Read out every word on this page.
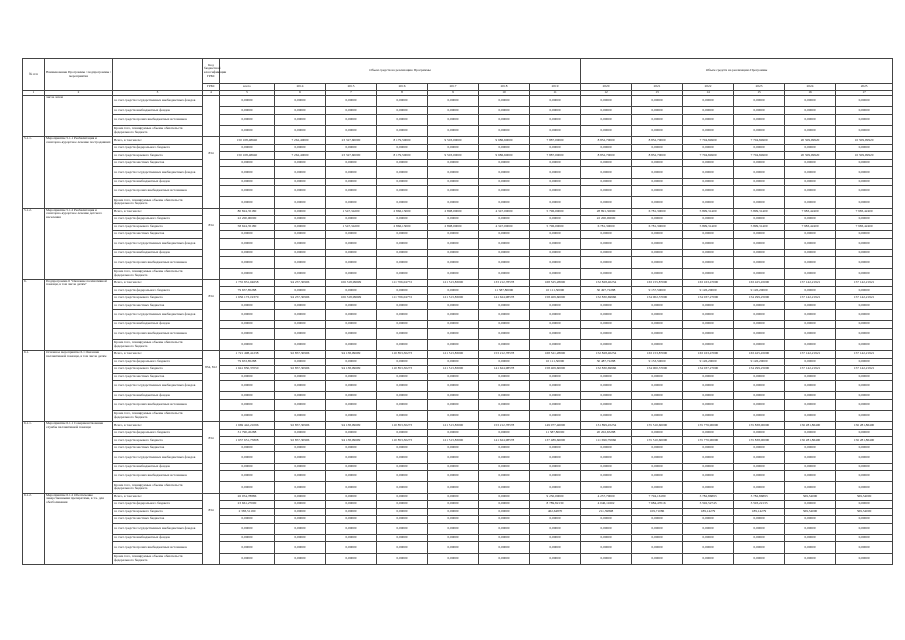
№ п/п	Наименование Программы / подпрограммы / мероприятия		Код бюджетной классификации ГРБС	Объем средств на реализацию Программы							Объем средств на реализацию Программы					
			ГРБС	всего	2014	2015	2016	2017	2018	2019	2020	2021	2022	2023	2024	2025
1	2	3	4	5	6	7	8	9	10	11	12	13	14	15	16	17
	числе затем	за счет средств государственных внебюджетных фондов		0,00000	0,00000	0,00000	0,00000	0,00000	0,00000	0,00000	0,00000	0,00000	0,00000	0,00000	0,00000	0,00000
		за счет средств внебюджетных фондов		0,00000	0,00000	0,00000	0,00000	0,00000	0,00000	0,00000	0,00000	0,00000	0,00000	0,00000	0,00000	0,00000
		за счет средств прочих внебюджетных источников		0,00000	0,00000	0,00000	0,00000	0,00000	0,00000	0,00000	0,00000	0,00000	0,00000	0,00000	0,00000	0,00000
		Кроме того, планируемые объемы обязательств федерального бюджета		0,00000	0,00000	0,00000	0,00000	0,00000	0,00000	0,00000	0,00000	0,00000	0,00000	0,00000	0,00000	0,00000
5.1.1.	Мероприятие 5.1.1 Реабилитация и санаторно-курортное лечение пострадавших	Всего, в том числе:	834	150 108,48640	7 262,40000	23 327,60000	8 179,50000	9 503,00000	9 986,60000	7 887,00000	8 852,70000	8 852,70000	7 704,84900	7 704,84900	20 509,99920	10 509,99920
		за счет средств федерального бюджета		0,00000	0,00000	0,00000	0,00000	0,00000	0,00000	0,00000	0,00000	0,00000	0,00000	0,00000	0,00000	0,00000
		за счет средств краевого бюджета		150 108,48640	7 262,40000	23 327,60000	8 179,50000	9 503,00000	9 986,60000	7 887,00000	8 852,70000	8 852,70000	7 704,84900	7 704,84900	20 509,99920	10 509,99920
		за счет средств местных бюджетов		0,00000	0,00000	0,00000	0,00000	0,00000	0,00000	0,00000	0,00000	0,00000	0,00000	0,00000	0,00000	0,00000
		за счет средств государственных внебюджетных фондов		0,00000	0,00000	0,00000	0,00000	0,00000	0,00000	0,00000	0,00000	0,00000	0,00000	0,00000	0,00000	0,00000
		за счет средств внебюджетных фондов		0,00000	0,00000	0,00000	0,00000	0,00000	0,00000	0,00000	0,00000	0,00000	0,00000	0,00000	0,00000	0,00000
		за счет средств прочих внебюджетных источников		0,00000	0,00000	0,00000	0,00000	0,00000	0,00000	0,00000	0,00000	0,00000	0,00000	0,00000	0,00000	0,00000
		Кроме того, планируемые объемы обязательств федерального бюджета		0,00000	0,00000	0,00000	0,00000	0,00000	0,00000	0,00000	0,00000	0,00000	0,00000	0,00000	0,00000	0,00000
5.1.2.	Мероприятие 5.1.2 Реабилитация и санаторно-курортное лечение детского населения	Всего, в том числе:	834	80 824,35180	0,00000	1 547,34200	2 866,13000	2 898,00000	4 347,00000	5 796,00000	28 891,30000	6 781,30000	5 899,31400	5 899,31400	7 983,42400	7 983,42400
		за счет средств федерального бюджета		22 200,00000	0,00000	0,00000	0,00000	0,00000	0,00000	0,00000	22 200,00000	0,00000	0,00000	0,00000	0,00000	0,00000
		за счет средств краевого бюджета		58 624,35180	0,00000	1 547,34200	2 866,13000	2 898,00000	4 347,00000	5 796,00000	6 781,30000	6 781,30000	5 899,31400	5 899,31400	7 983,42400	7 983,42400
		за счет средств местных бюджетов		0,00000	0,00000	0,00000	0,00000	0,00000	0,00000	0,00000	0,00000	0,00000	0,00000	0,00000	0,00000	0,00000
		за счет средств государственных внебюджетных фондов		0,00000	0,00000	0,00000	0,00000	0,00000	0,00000	0,00000	0,00000	0,00000	0,00000	0,00000	0,00000	0,00000
		за счет средств внебюджетных фондов		0,00000	0,00000	0,00000	0,00000	0,00000	0,00000	0,00000	0,00000	0,00000	0,00000	0,00000	0,00000	0,00000
		за счет средств прочих внебюджетных источников		0,00000	0,00000	0,00000	0,00000	0,00000	0,00000	0,00000	0,00000	0,00000	0,00000	0,00000	0,00000	0,00000
		Кроме того, планируемые объемы обязательств федерального бюджета		0,00000	0,00000	0,00000	0,00000	0,00000	0,00000	0,00000	0,00000	0,00000	0,00000	0,00000	0,00000	0,00000
6.	Подпрограмма 6 "Оказание паллиативной помощи, в том числе детям"	Всего, в том числе:	834	1 735 831,04658	94 257,30906	106 318,99699	111 706,04772	121 513,83000	133 212,78578	168 525,28000	152 828,40254	163 155,87000	163 163,47000	163 425,45000	157 142,21921	157 142,21921
		за счет средств федерального бюджета		79 657,85288	0,00000	0,00000	0,00000	0,00000	11 587,80000	10 111,50000	30 497,72288	9 157,50000	9 126,20000	9 126,20000	0,00000	0,00000
		за счет средств краевого бюджета		1 656 173,19370	94 257,30906	106 318,99699	111 706,04772	121 513,83000	141 624,98578	158 409,60000	152 830,69966	154 002,37000	154 037,27000	154 299,25000	157 142,21921	157 142,21921
		за счет средств местных бюджетов		0,00000	0,00000	0,00000	0,00000	0,00000	0,00000	0,00000	0,00000	0,00000	0,00000	0,00000	0,00000	0,00000
		за счет средств государственных внебюджетных фондов		0,00000	0,00000	0,00000	0,00000	0,00000	0,00000	0,00000	0,00000	0,00000	0,00000	0,00000	0,00000	0,00000
		за счет средств внебюджетных фондов		0,00000	0,00000	0,00000	0,00000	0,00000	0,00000	0,00000	0,00000	0,00000	0,00000	0,00000	0,00000	0,00000
		за счет средств прочих внебюджетных источников		0,00000	0,00000	0,00000	0,00000	0,00000	0,00000	0,00000	0,00000	0,00000	0,00000	0,00000	0,00000	0,00000
		Кроме того, планируемые объемы обязательств федерального бюджета		0,00000	0,00000	0,00000	0,00000	0,00000	0,00000	0,00000	0,00000	0,00000	0,00000	0,00000	0,00000	0,00000
6.1.	Основное мероприятие 6.1 Оказание паллиативной помощи, в том числе детям	Всего, в том числе:	834, 812	1 721 498,41238	92 857,30906	94 138,09699	110 853,30273	121 513,83000	153 212,78578	168 521,28000	152 828,40254	163 153,87000	163 163,47000	163 425,45000	157 142,21921	157 142,21921
		за счет средств федерального бюджета		79 653,85288	0,00000	0,00000	0,00000	0,00000	0,00000	10 111,50000	30 487,72288	9 153,50000	9 126,20000	9 126,20000	0,00000	0,00000
		за счет средств краевого бюджета		1 641 850,37050	92 857,30906	94 138,09699	110 853,30273	121 513,83000	141 624,98578	158 409,60000	152 830,69966	154 000,37000	154 037,27000	154 299,25000	157 142,21921	157 142,21921
		за счет средств местных бюджетов		0,00000	0,00000	0,00000	0,00000	0,00000	0,00000	0,00000	0,00000	0,00000	0,00000	0,00000	0,00000	0,00000
		за счет средств государственных внебюджетных фондов		0,00000	0,00000	0,00000	0,00000	0,00000	0,00000	0,00000	0,00000	0,00000	0,00000	0,00000	0,00000	0,00000
		за счет средств внебюджетных фондов		0,00000	0,00000	0,00000	0,00000	0,00000	0,00000	0,00000	0,00000	0,00000	0,00000	0,00000	0,00000	0,00000
		за счет средств прочих внебюджетных источников		0,00000	0,00000	0,00000	0,00000	0,00000	0,00000	0,00000	0,00000	0,00000	0,00000	0,00000	0,00000	0,00000
		Кроме того, планируемые объемы обязательств федерального бюджета		0,00000	0,00000	0,00000	0,00000	0,00000	0,00000	0,00000	0,00000	0,00000	0,00000	0,00000	0,00000	0,00000
6.1.1.	Мероприятие 6.1.1 Совершенствование службы паллиативной помощи	Всего, в том числе:	834	1 669 442,21096	92 857,30906	94 138,09699	110 853,30273	121 513,83000	153 212,78578	149 077,46000	131 899,45254	155 510,60000	155 776,90000	155 838,00000	156 281,86400	156 281,86400
		за счет средств федерального бюджета		31 790,45288	0,00000	0,00000	0,00000	0,00000	0,00000	11 587,80000	20 202,65288	0,00000	0,00000	0,00000	0,00000	0,00000
		за счет средств краевого бюджета		1 637 651,75808	92 857,30906	94 138,09699	110 853,30273	121 513,83000	141 624,98578	137 489,66000	111 696,79966	155 510,60000	155 776,90000	155 838,00000	156 281,86400	156 281,86400
		за счет средств местных бюджетов		0,00000	0,00000	0,00000	0,00000	0,00000	0,00000	0,00000	0,00000	0,00000	0,00000	0,00000	0,00000	0,00000
		за счет средств государственных внебюджетных фондов		0,00000	0,00000	0,00000	0,00000	0,00000	0,00000	0,00000	0,00000	0,00000	0,00000	0,00000	0,00000	0,00000
		за счет средств внебюджетных фондов		0,00000	0,00000	0,00000	0,00000	0,00000	0,00000	0,00000	0,00000	0,00000	0,00000	0,00000	0,00000	0,00000
		за счет средств прочих внебюджетных источников		0,00000	0,00000	0,00000	0,00000	0,00000	0,00000	0,00000	0,00000	0,00000	0,00000	0,00000	0,00000	0,00000
		Кроме того, планируемые объемы обязательств федерального бюджета		0,00000	0,00000	0,00000	0,00000	0,00000	0,00000	0,00000	0,00000	0,00000	0,00000	0,00000	0,00000	0,00000
6.1.2.	Мероприятие 6.1.2 Обеспечение лекарственными препаратами, в т.ч. для обезболивания	Всего, в том числе:	834	26 054,78886	0,00000	0,00000	0,00000	0,00000	0,00000	9 250,00000	4 257,70000	7 794,16180	3 782,86893	3 782,86893	569,34000	569,34000
		за счет средств федерального бюджета		23 661,27000	0,00000	0,00000	0,00000	0,00000	0,00000	8 789,82130	4 046,11602	7 684,47016	3 592,52745	3 593,22135	0,00000	0,00000
		за счет средств краевого бюджета		2 383,51190	0,00000	0,00000	0,00000	0,00000	0,00000	462,64870	211,39898	109,71086	189,14279	189,14279	569,34000	569,34000
		за счет средств местных бюджетов		0,00000	0,00000	0,00000	0,00000	0,00000	0,00000	0,00000	0,00000	0,00000	0,00000	0,00000	0,00000	0,00000
		за счет средств государственных внебюджетных фондов		0,00000	0,00000	0,00000	0,00000	0,00000	0,00000	0,00000	0,00000	0,00000	0,00000	0,00000	0,00000	0,00000
		за счет средств внебюджетных фондов		0,00000	0,00000	0,00000	0,00000	0,00000	0,00000	0,00000	0,00000	0,00000	0,00000	0,00000	0,00000	0,00000
		за счет средств прочих внебюджетных источников		0,00000	0,00000	0,00000	0,00000	0,00000	0,00000	0,00000	0,00000	0,00000	0,00000	0,00000	0,00000	0,00000
		Кроме того, планируемые объемы обязательств федерального бюджета		0,00000	0,00000	0,00000	0,00000	0,00000	0,00000	0,00000	0,00000	0,00000	0,00000	0,00000	0,00000	0,00000
